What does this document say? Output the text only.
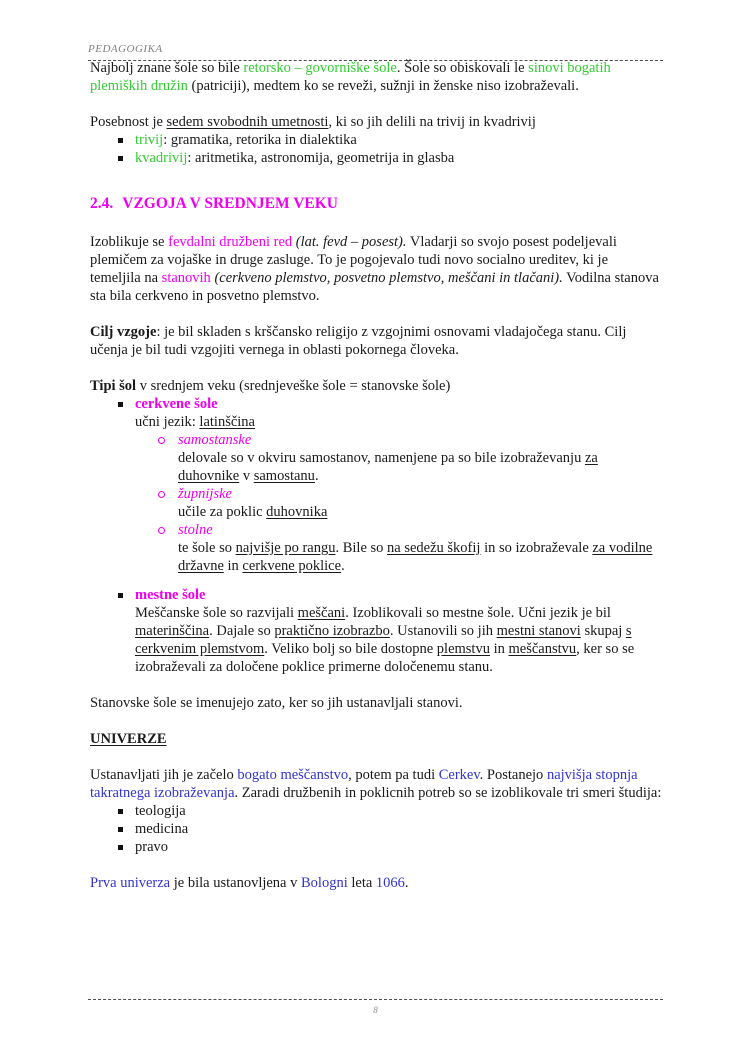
PEDAGOGIKA
Najbolj znane šole so bile retorsko – govorniške šole. Šole so obiskovali le sinovi bogatih plemiških družin (patriciji), medtem ko se reveži, sužnji in ženske niso izobraževali.
Posebnost je sedem svobodnih umetnosti, ki so jih delili na trivij in kvadrivij
trivij: gramatika, retorika in dialektika
kvadrivij: aritmetika, astronomija, geometrija in glasba
2.4. VZGOJA V SREDNJEM VEKU
Izoblikuje se fevdalni družbeni red (lat. fevd – posest). Vladarji so svojo posest podeljevali plemičem za vojaške in druge zasluge. To je pogojevalo tudi novo socialno ureditev, ki je temeljila na stanovih (cerkveno plemstvo, posvetno plemstvo, meščani in tlačani). Vodilna stanova sta bila cerkveno in posvetno plemstvo.
Cilj vzgoje: je bil skladen s krščansko religijo z vzgojnimi osnovami vladajočega stanu. Cilj učenja je bil tudi vzgojiti vernega in oblasti pokornega človeka.
Tipi šol v srednjem veku (srednjeveške šole = stanovske šole)
cerkvene šole
učni jezik: latinščina
samostanske
delovale so v okviru samostanov, namenjene pa so bile izobraževanju za duhovnike v samostanu.
župnijske
učile za poklic duhovnika
stolne
te šole so najvišje po rangu. Bile so na sedežu škofij in so izobraževale za vodilne državne in cerkvene poklice.
mestne šole
Meščanske šole so razvijali meščani. Izoblikovali so mestne šole. Učni jezik je bil materinščina. Dajale so praktično izobrazbo. Ustanovili so jih mestni stanovi skupaj s cerkvenim plemstvom. Veliko bolj so bile dostopne plemstvu in meščanstvu, ker so se izobraževali za določene poklice primerne določenemu stanu.
Stanovske šole se imenujejo zato, ker so jih ustanavljali stanovi.
UNIVERZE
Ustanavljati jih je začelo bogato meščanstvo, potem pa tudi Cerkev. Postanejo najvišja stopnja takratnega izobraževanja. Zaradi družbenih in poklicnih potreb so se izoblikovale tri smeri študija:
teologija
medicina
pravo
Prva univerza je bila ustanovljena v Bologni leta 1066.
8
